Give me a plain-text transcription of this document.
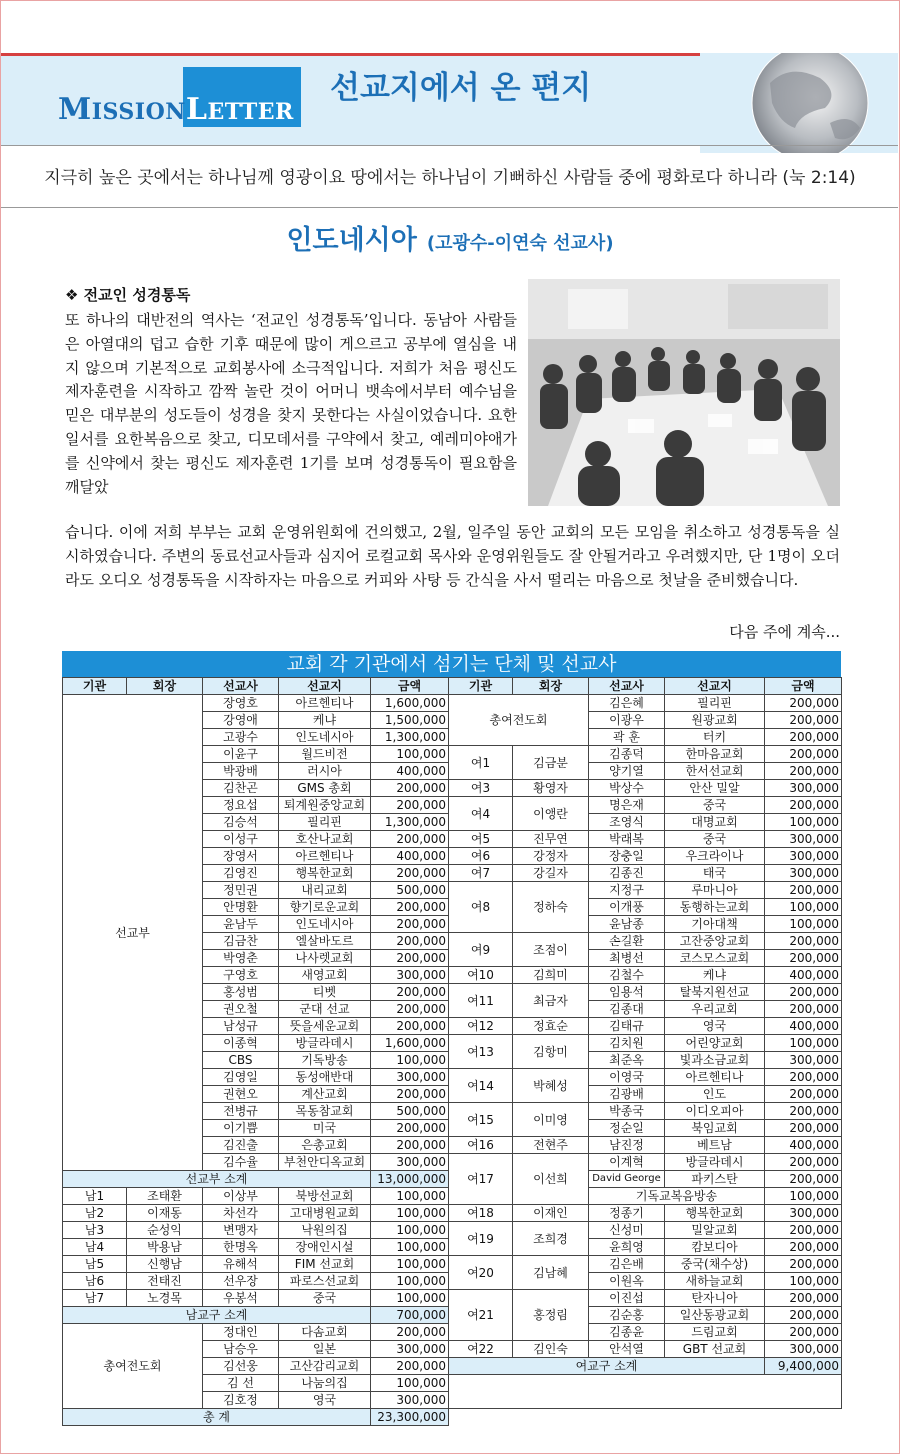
MISSIONLETTER
선교지에서 온 편지
지극히 높은 곳에서는 하나님께 영광이요 땅에서는 하나님이 기뻐하신 사람들 중에 평화로다 하니라 (눅 2:14)
인도네시아 (고광수-이연숙 선교사)
❖ 전교인 성경통독
또 하나의 대반전의 역사는 ‘전교인 성경통독’입니다. 동남아 사람들은 아열대의 덥고 습한 기후 때문에 많이 게으르고 공부에 열심을 내지 않으며 기본적으로 교회봉사에 소극적입니다. 저희가 처음 평신도 제자훈련을 시작하고 깜짝 놀란 것이 어머니 뱃속에서부터 예수님을 믿은 대부분의 성도들이 성경을 찾지 못한다는 사실이었습니다. 요한일서를 요한복음으로 찾고, 디모데서를 구약에서 찾고, 예레미야애가를 신약에서 찾는 평신도 제자훈련 1기를 보며 성경통독이 필요함을 깨달았
습니다. 이에 저희 부부는 교회 운영위원회에 건의했고, 2월, 일주일 동안 교회의 모든 모임을 취소하고 성경통독을 실시하였습니다. 주변의 동료선교사들과 심지어 로컬교회 목사와 운영위원들도 잘 안될거라고 우려했지만, 단 1명이 오더라도 오디오 성경통독을 시작하자는 마음으로 커피와 사탕 등 간식을 사서 떨리는 마음으로 첫날을 준비했습니다.
다음 주에 계속...
교회 각 기관에서 섬기는 단체 및 선교사
기관	회장	선교사	선교지	금액	기관	회장	선교사	선교지	금액
선교부		장영호	아르헨티나	1,600,000	총여전도회		김은혜	필리핀	200,000
		강영애	케냐	1,500,000			이광우	원광교회	200,000
		고광수	인도네시아	1,300,000			곽 훈	터키	200,000
		이윤구	월드비전	100,000	여1	김금분	김종덕	한마음교회	200,000
		박광배	러시아	400,000			양기열	한서선교회	200,000
		김찬곤	GMS 총회	200,000	여3	황영자	박상수	안산 밀알	300,000
		정요섭	퇴계원중앙교회	200,000	여4	이앵란	명은재	중국	200,000
		김승석	필리핀	1,300,000			조영식	대명교회	100,000
		이성구	호산나교회	200,000	여5	진무연	박래복	중국	300,000
		장영서	아르헨티나	400,000	여6	강정자	장충일	우크라이나	300,000
		김영진	행복한교회	200,000	여7	강길자	김종진	태국	300,000
		정민권	내리교회	500,000	여8	정하숙	지정구	루마니아	200,000
		안명환	향기로운교회	200,000			이개풍	동행하는교회	100,000
		윤남두	인도네시아	200,000			윤남종	기아대책	100,000
		김금찬	엘살바도르	200,000	여9	조점이	손길환	고잔중앙교회	200,000
		박영춘	나사렛교회	200,000			최병선	코스모스교회	200,000
		구영호	새영교회	300,000	여10	김희미	김철수	케냐	400,000
		홍성범	티벳	200,000	여11	최금자	임용석	탈북지원선교	200,000
		권오철	군대 선교	200,000			김종대	우리교회	200,000
		남성규	뜻을세운교회	200,000	여12	정효순	김태규	영국	400,000
		이종혁	방글라데시	1,600,000	여13	김항미	김치원	어린양교회	100,000
		CBS	기독방송	100,000			최준옥	빛과소금교회	300,000
		김영일	동성애반대	300,000	여14	박혜성	이영국	아르헨티나	200,000
		권현오	계산교회	200,000			김광배	인도	200,000
		전병규	목동참교회	500,000	여15	이미영	박종국	이디오피아	200,000
		이기쁨	미국	200,000			정순일	북임교회	200,000
		김진출	은총교회	200,000	여16	전현주	남진정	베트남	400,000
		김수율	부천안디옥교회	300,000	여17	이선희	이계혁	방글라데시	200,000
선교부 소계				13,000,000			David George	파키스탄	200,000
남1	조태환	이상부	북방선교회	100,000			기독교복음방송		100,000
남2	이재동	차선각	고대병원교회	100,000	여18	이재인	정종기	행복한교회	300,000
남3	순성익	변맹자	낙원의집	100,000	여19	조희경	신성미	밀알교회	200,000
남4	박용남	한명옥	장애인시설	100,000			윤희영	캄보디아	200,000
남5	신행남	유해석	FIM 선교회	100,000	여20	김남혜	김은배	중국(채수상)	200,000
남6	전태진	선우장	파로스선교회	100,000			이원옥	새하늘교회	100,000
남7	노경목	우봉석	중국	100,000	여21	홍정림	이진섭	탄자니아	200,000
남교구 소계				700,000			김순홍	일산동광교회	200,000
총여전도회		정대인	다솜교회	200,000			김종윤	드림교회	200,000
		남승우	일본	300,000	여22	김인숙	안석열	GBT 선교회	300,000
		김선웅	고산감리교회	200,000	여교구 소계				9,400,000
		김 선	나눔의집	100,000					
		김호정	영국	300,000					
총 계				23,300,000					
